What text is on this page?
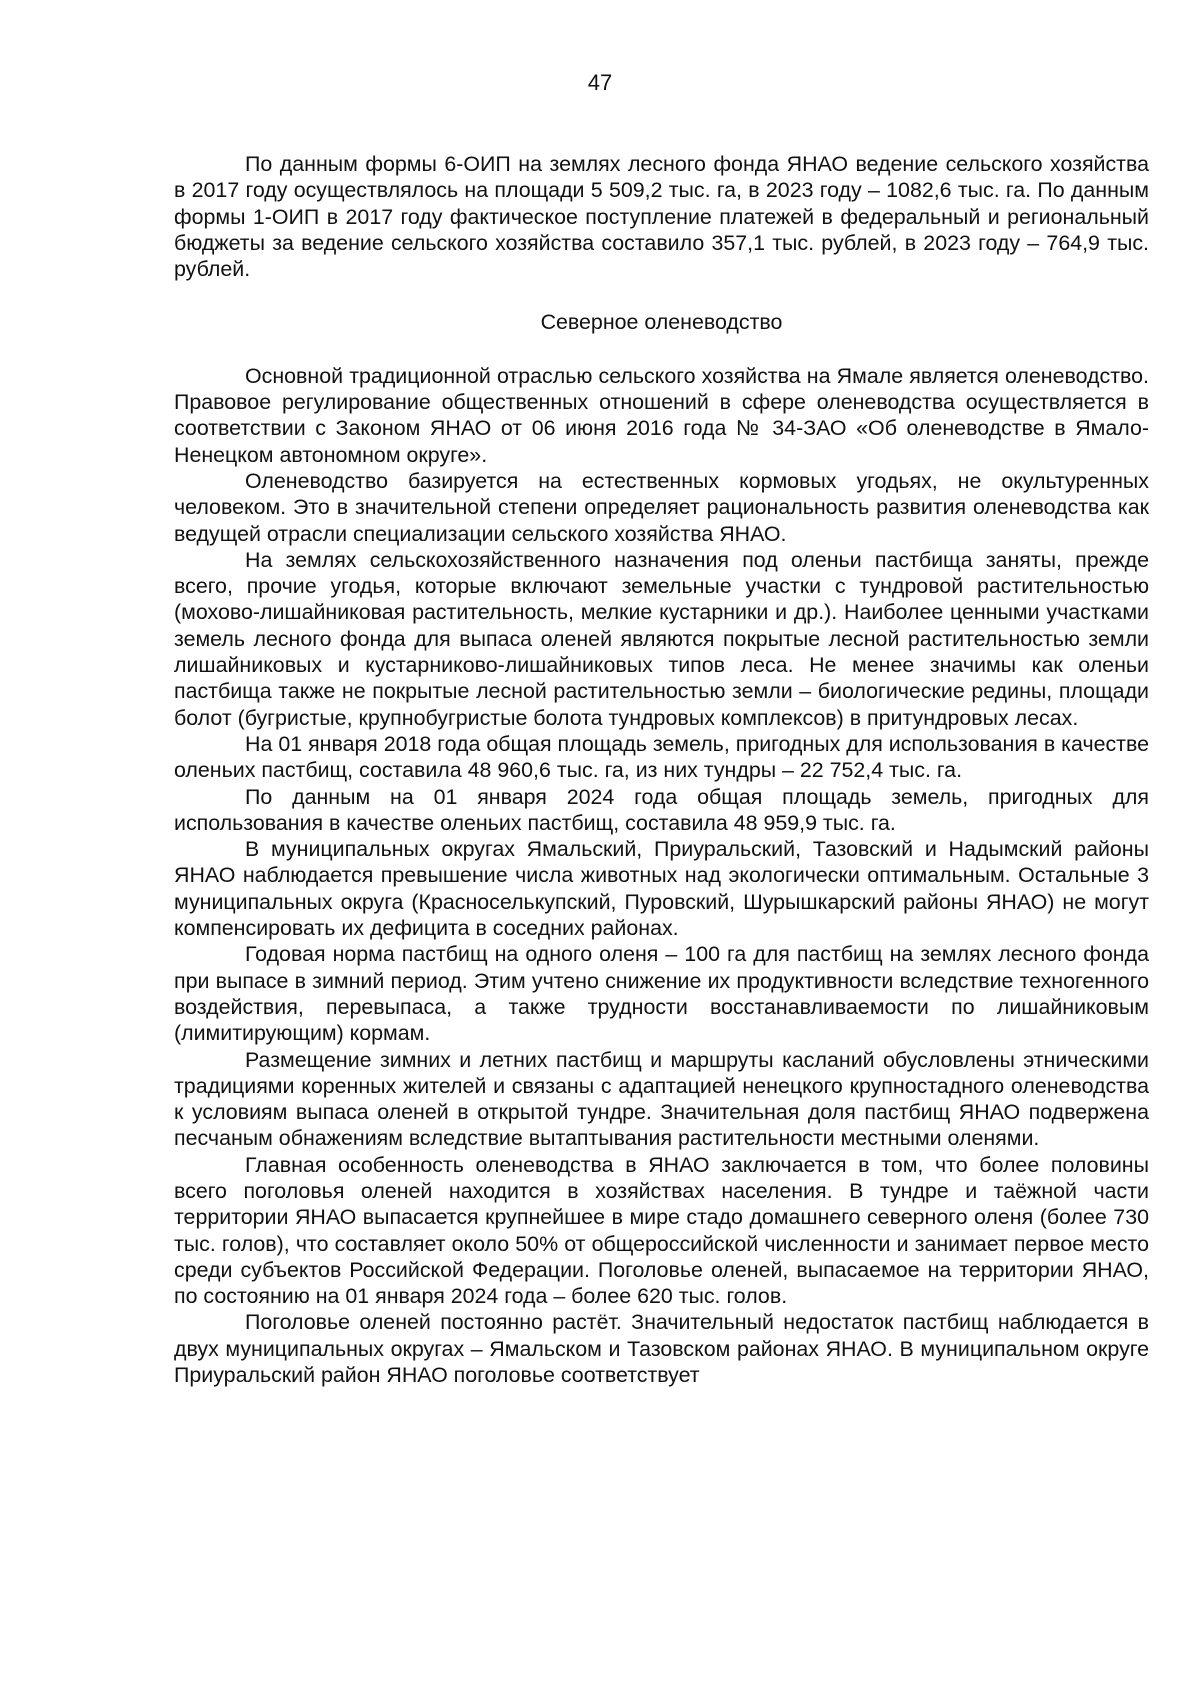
47

По данным формы 6-ОИП на землях лесного фонда ЯНАО ведение сельского хозяйства в 2017 году осуществлялось на площади 5 509,2 тыс. га, в 2023 году – 1082,6 тыс. га. По данным формы 1-ОИП в 2017 году фактическое поступление платежей в федеральный и региональный бюджеты за ведение сельского хозяйства составило 357,1 тыс. рублей, в 2023 году – 764,9 тыс. рублей.

Северное оленеводство

Основной традиционной отраслью сельского хозяйства на Ямале является оленеводство. Правовое регулирование общественных отношений в сфере оленеводства осуществляется в соответствии с Законом ЯНАО от 06 июня 2016 года № 34-ЗАО «Об оленеводстве в Ямало-Ненецком автономном округе».

Оленеводство базируется на естественных кормовых угодьях, не окультуренных человеком. Это в значительной степени определяет рациональность развития оленеводства как ведущей отрасли специализации сельского хозяйства ЯНАО.

На землях сельскохозяйственного назначения под оленьи пастбища заняты, прежде всего, прочие угодья, которые включают земельные участки с тундровой растительностью (мохово-лишайниковая растительность, мелкие кустарники и др.). Наиболее ценными участками земель лесного фонда для выпаса оленей являются покрытые лесной растительностью земли лишайниковых и кустарниково-лишайниковых типов леса. Не менее значимы как оленьи пастбища также не покрытые лесной растительностью земли – биологические редины, площади болот (бугристые, крупнобугристые болота тундровых комплексов) в притундровых лесах.

На 01 января 2018 года общая площадь земель, пригодных для использования в качестве оленьих пастбищ, составила 48 960,6 тыс. га, из них тундры – 22 752,4 тыс. га.

По данным на 01 января 2024 года общая площадь земель, пригодных для использования в качестве оленьих пастбищ, составила 48 959,9 тыс. га.

В муниципальных округах Ямальский, Приуральский, Тазовский и Надымский районы ЯНАО наблюдается превышение числа животных над экологически оптимальным. Остальные 3 муниципальных округа (Красноселькупский, Пуровский, Шурышкарский районы ЯНАО) не могут компенсировать их дефицита в соседних районах.

Годовая норма пастбищ на одного оленя – 100 га для пастбищ на землях лесного фонда при выпасе в зимний период. Этим учтено снижение их продуктивности вследствие техногенного воздействия, перевыпаса, а также трудности восстанавливаемости по лишайниковым (лимитирующим) кормам.

Размещение зимних и летних пастбищ и маршруты касланий обусловлены этническими традициями коренных жителей и связаны с адаптацией ненецкого крупностадного оленеводства к условиям выпаса оленей в открытой тундре. Значительная доля пастбищ ЯНАО подвержена песчаным обнажениям вследствие вытаптывания растительности местными оленями.

Главная особенность оленеводства в ЯНАО заключается в том, что более половины всего поголовья оленей находится в хозяйствах населения. В тундре и таёжной части территории ЯНАО выпасается крупнейшее в мире стадо домашнего северного оленя (более 730 тыс. голов), что составляет около 50% от общероссийской численности и занимает первое место среди субъектов Российской Федерации. Поголовье оленей, выпасаемое на территории ЯНАО, по состоянию на 01 января 2024 года – более 620 тыс. голов.

Поголовье оленей постоянно растёт. Значительный недостаток пастбищ наблюдается в двух муниципальных округах – Ямальском и Тазовском районах ЯНАО. В муниципальном округе Приуральский район ЯНАО поголовье соответствует
